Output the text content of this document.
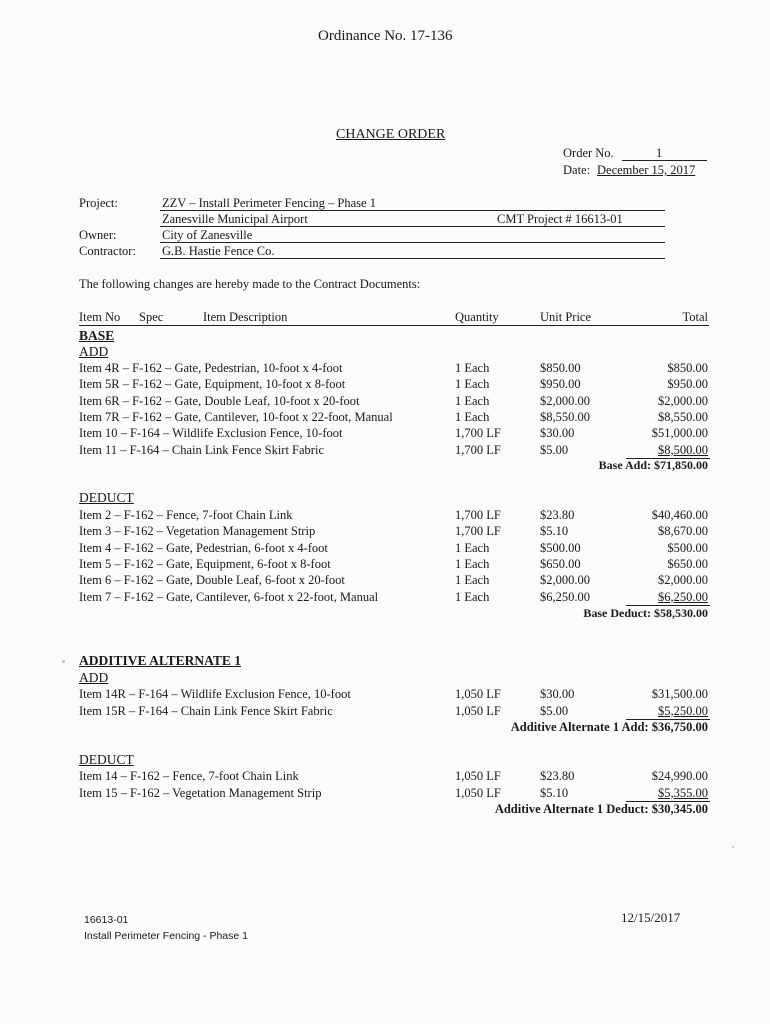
Ordinance No. 17-136
CHANGE ORDER
Order No.	1
Date: December 15, 2017
Project:	ZZV – Install Perimeter Fencing – Phase 1
Zanesville Municipal Airport	CMT Project # 16613-01
Owner:	City of Zanesville
Contractor: G.B. Hastie Fence Co.
The following changes are hereby made to the Contract Documents:
Item No Spec	Item Description	Quantity	Unit Price	Total
BASE
ADD
Item 4R – F-162 – Gate, Pedestrian, 10-foot x 4-foot	1 Each	$850.00	$850.00
Item 5R – F-162 – Gate, Equipment, 10-foot x 8-foot	1 Each	$950.00	$950.00
Item 6R – F-162 – Gate, Double Leaf, 10-foot x 20-foot	1 Each	$2,000.00	$2,000.00
Item 7R – F-162 – Gate, Cantilever, 10-foot x 22-foot, Manual	1 Each	$8,550.00	$8,550.00
Item 10 – F-164 – Wildlife Exclusion Fence, 10-foot	1,700 LF	$30.00	$51,000.00
Item 11 – F-164 – Chain Link Fence Skirt Fabric	1,700 LF	$5.00	$8,500.00
Base Add: $71,850.00
DEDUCT
Item 2 – F-162 – Fence, 7-foot Chain Link	1,700 LF	$23.80	$40,460.00
Item 3 – F-162 – Vegetation Management Strip	1,700 LF	$5.10	$8,670.00
Item 4 – F-162 – Gate, Pedestrian, 6-foot x 4-foot	1 Each	$500.00	$500.00
Item 5 – F-162 – Gate, Equipment, 6-foot x 8-foot	1 Each	$650.00	$650.00
Item 6 – F-162 – Gate, Double Leaf, 6-foot x 20-foot	1 Each	$2,000.00	$2,000.00
Item 7 – F-162 – Gate, Cantilever, 6-foot x 22-foot, Manual	1 Each	$6,250.00	$6,250.00
Base Deduct: $58,530.00
ADDITIVE ALTERNATE 1
ADD
Item 14R – F-164 – Wildlife Exclusion Fence, 10-foot	1,050 LF	$30.00	$31,500.00
Item 15R – F-164 – Chain Link Fence Skirt Fabric	1,050 LF	$5.00	$5,250.00
Additive Alternate 1 Add: $36,750.00
DEDUCT
Item 14 – F-162 – Fence, 7-foot Chain Link	1,050 LF	$23.80	$24,990.00
Item 15 – F-162 – Vegetation Management Strip	1,050 LF	$5.10	$5,355.00
Additive Alternate 1 Deduct: $30,345.00
16613-01
Install Perimeter Fencing - Phase 1
12/15/2017
